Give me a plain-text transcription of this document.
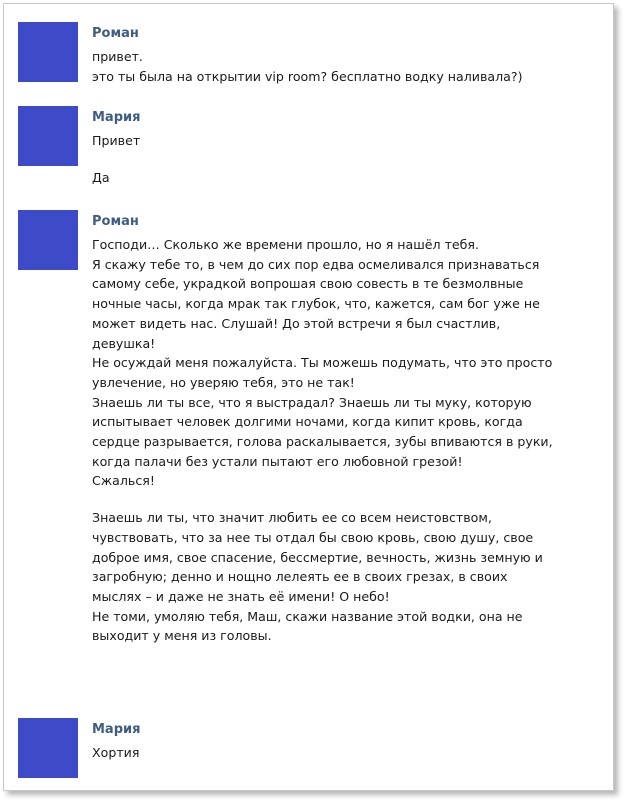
Роман
привет.
это ты была на открытии vip room? бесплатно водку наливала?)
Мария
Привет
Да
Роман
Господи… Сколько же времени прошло, но я нашёл тебя.
Я скажу тебе то, в чем до сих пор едва осмеливался признаваться
самому себе, украдкой вопрошая свою совесть в те безмолвные
ночные часы, когда мрак так глубок, что, кажется, сам бог уже не
может видеть нас. Слушай! До этой встречи я был счастлив,
девушка!
Не осуждай меня пожалуйста. Ты можешь подумать, что это просто
увлечение, но уверяю тебя, это не так!
Знаешь ли ты все, что я выстрадал? Знаешь ли ты муку, которую
испытывает человек долгими ночами, когда кипит кровь, когда
сердце разрывается, голова раскалывается, зубы впиваются в руки,
когда палачи без устали пытают его любовной грезой!
Сжалься!
Знаешь ли ты, что значит любить ее со всем неистовством,
чувствовать, что за нее ты отдал бы свою кровь, свою душу, свое
доброе имя, свое спасение, бессмертие, вечность, жизнь земную и
загробную; денно и нощно лелеять ее в своих грезах, в своих
мыслях – и даже не знать её имени! О небо!
Не томи, умоляю тебя, Маш, скажи название этой водки, она не
выходит у меня из головы.
Мария
Хортия
